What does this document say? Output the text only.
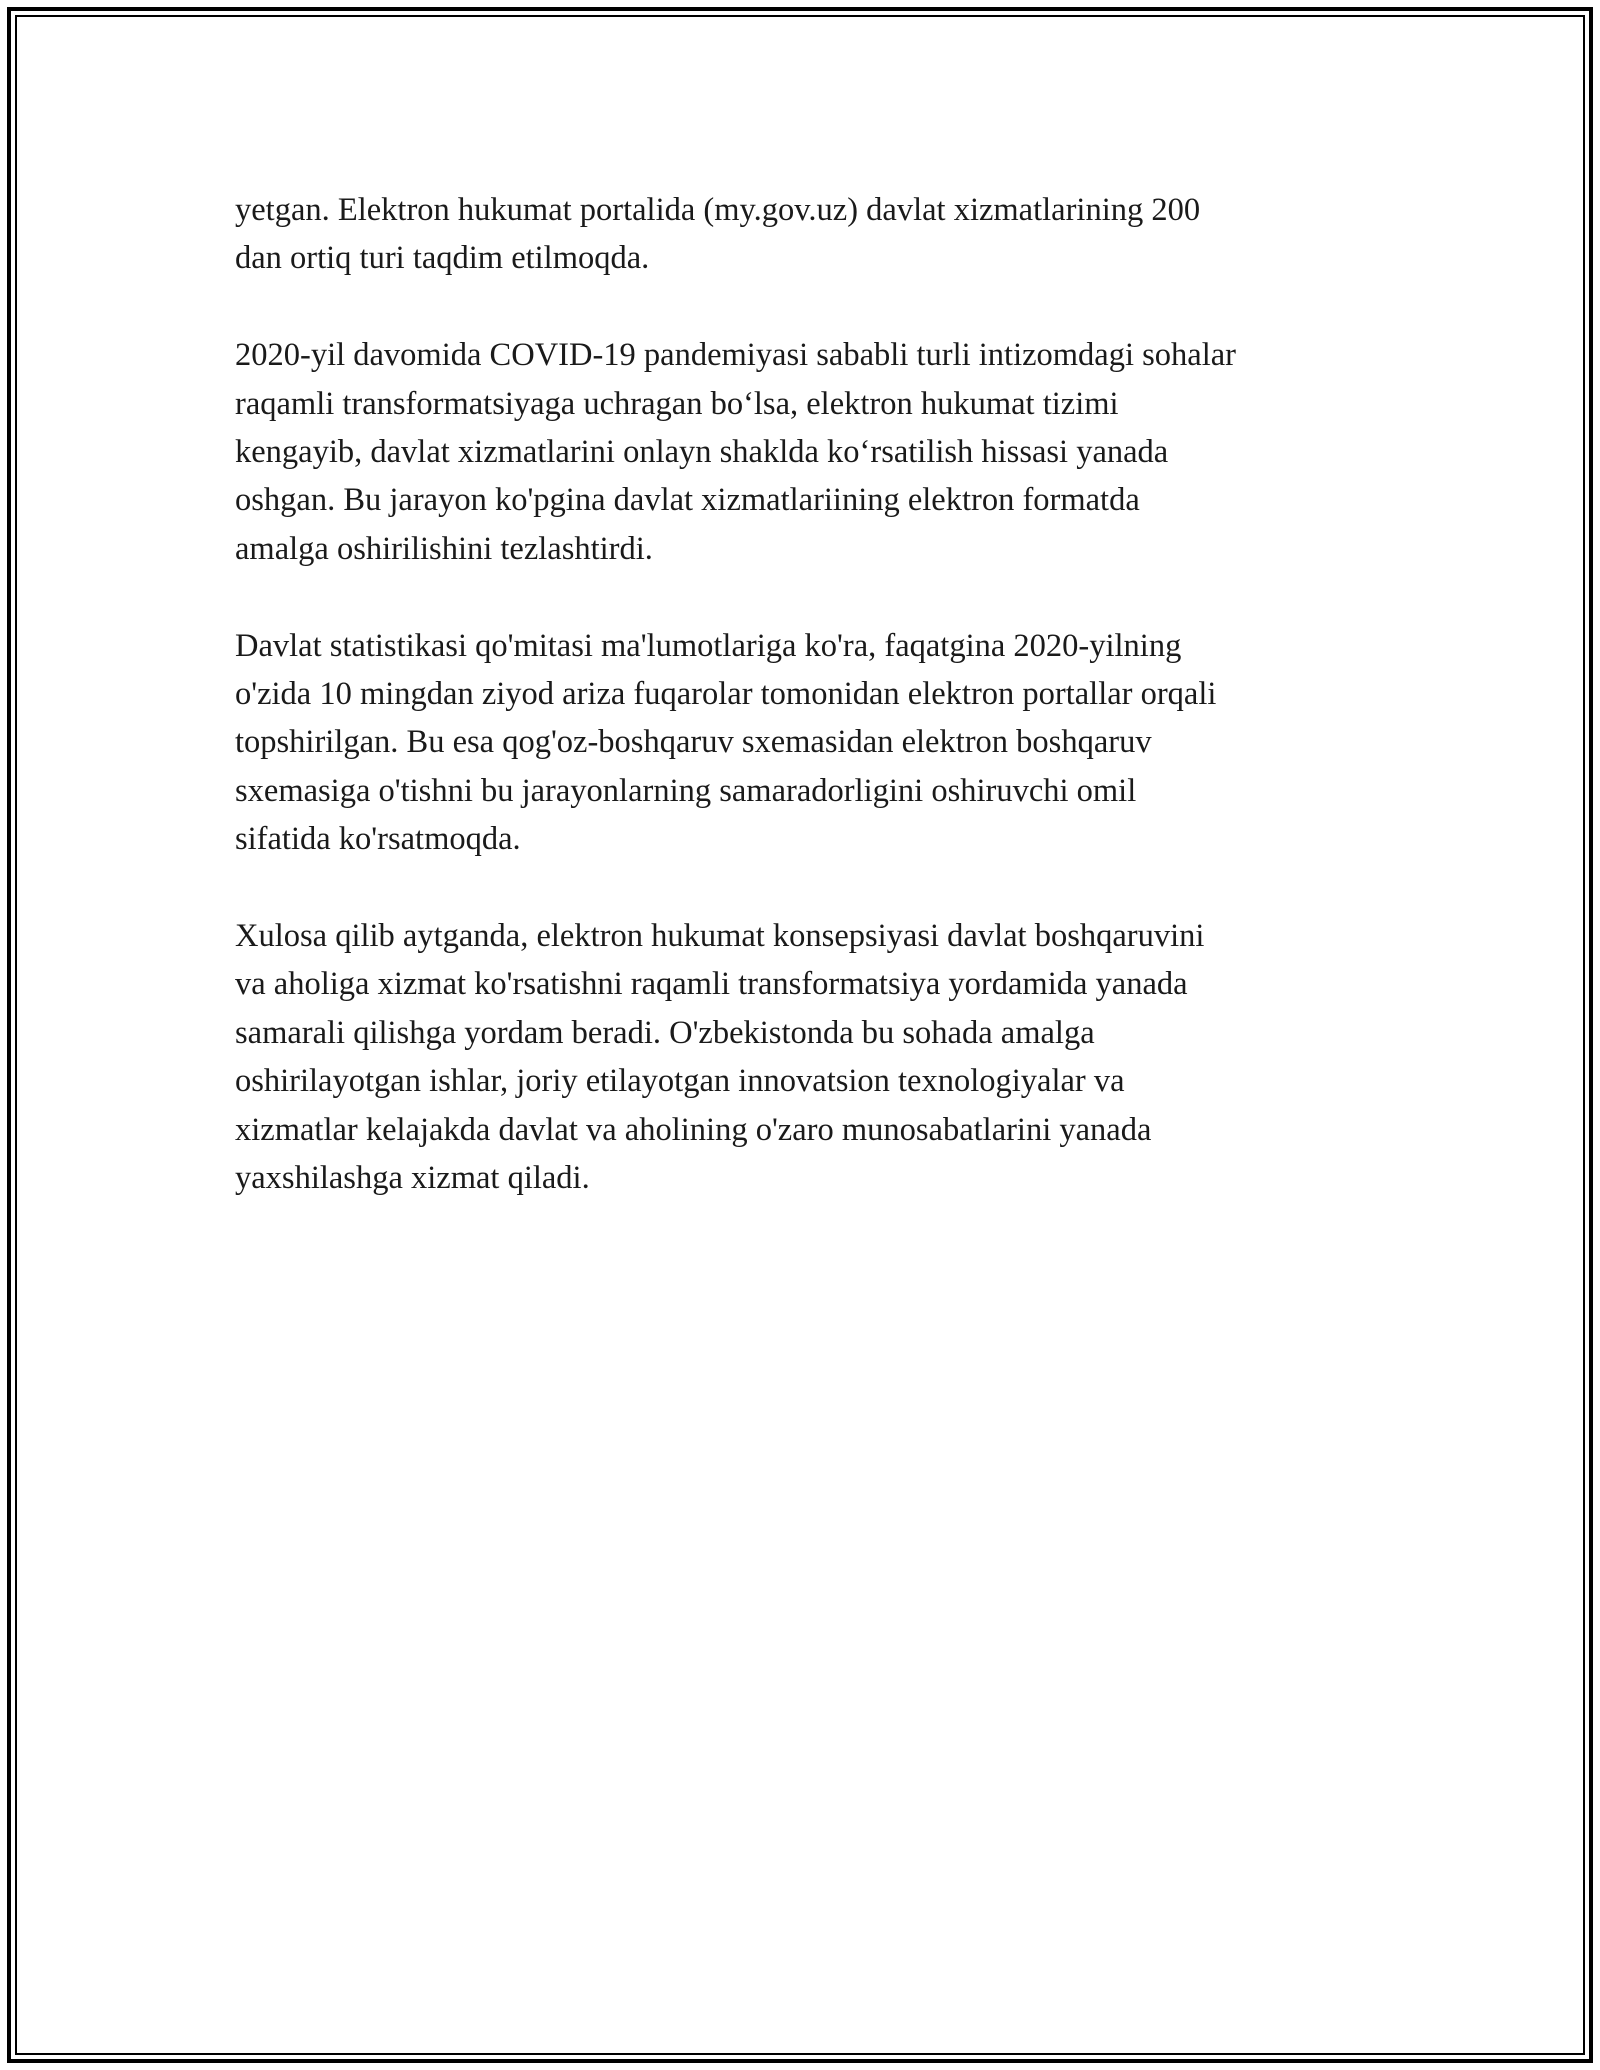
yetgan. Elektron hukumat portalida (my.gov.uz) davlat xizmatlarining 200
dan ortiq turi taqdim etilmoqda.

2020-yil davomida COVID-19 pandemiyasi sababli turli intizomdagi sohalar
raqamli transformatsiyaga uchragan bo‘lsa, elektron hukumat tizimi
kengayib, davlat xizmatlarini onlayn shaklda ko‘rsatilish hissasi yanada
oshgan. Bu jarayon ko'pgina davlat xizmatlariining elektron formatda
amalga oshirilishini tezlashtirdi.

Davlat statistikasi qo'mitasi ma'lumotlariga ko'ra, faqatgina 2020-yilning
o'zida 10 mingdan ziyod ariza fuqarolar tomonidan elektron portallar orqali
topshirilgan. Bu esa qog'oz-boshqaruv sxemasidan elektron boshqaruv
sxemasiga o'tishni bu jarayonlarning samaradorligini oshiruvchi omil
sifatida ko'rsatmoqda.

Xulosa qilib aytganda, elektron hukumat konsepsiyasi davlat boshqaruvini
va aholiga xizmat ko'rsatishni raqamli transformatsiya yordamida yanada
samarali qilishga yordam beradi. O'zbekistonda bu sohada amalga
oshirilayotgan ishlar, joriy etilayotgan innovatsion texnologiyalar va
xizmatlar kelajakda davlat va aholining o'zaro munosabatlarini yanada
yaxshilashga xizmat qiladi.
